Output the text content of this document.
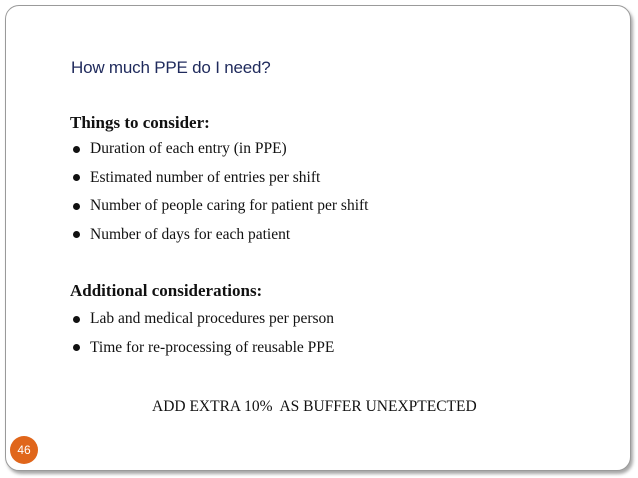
How much PPE do I need?
Things to consider:
Duration of each entry (in PPE)
Estimated number of entries per shift
Number of people caring for patient per shift
Number of days for each patient
Additional considerations:
Lab and medical procedures per person
Time for re-processing of reusable PPE
ADD EXTRA 10%  AS BUFFER UNEXPTECTED
46
